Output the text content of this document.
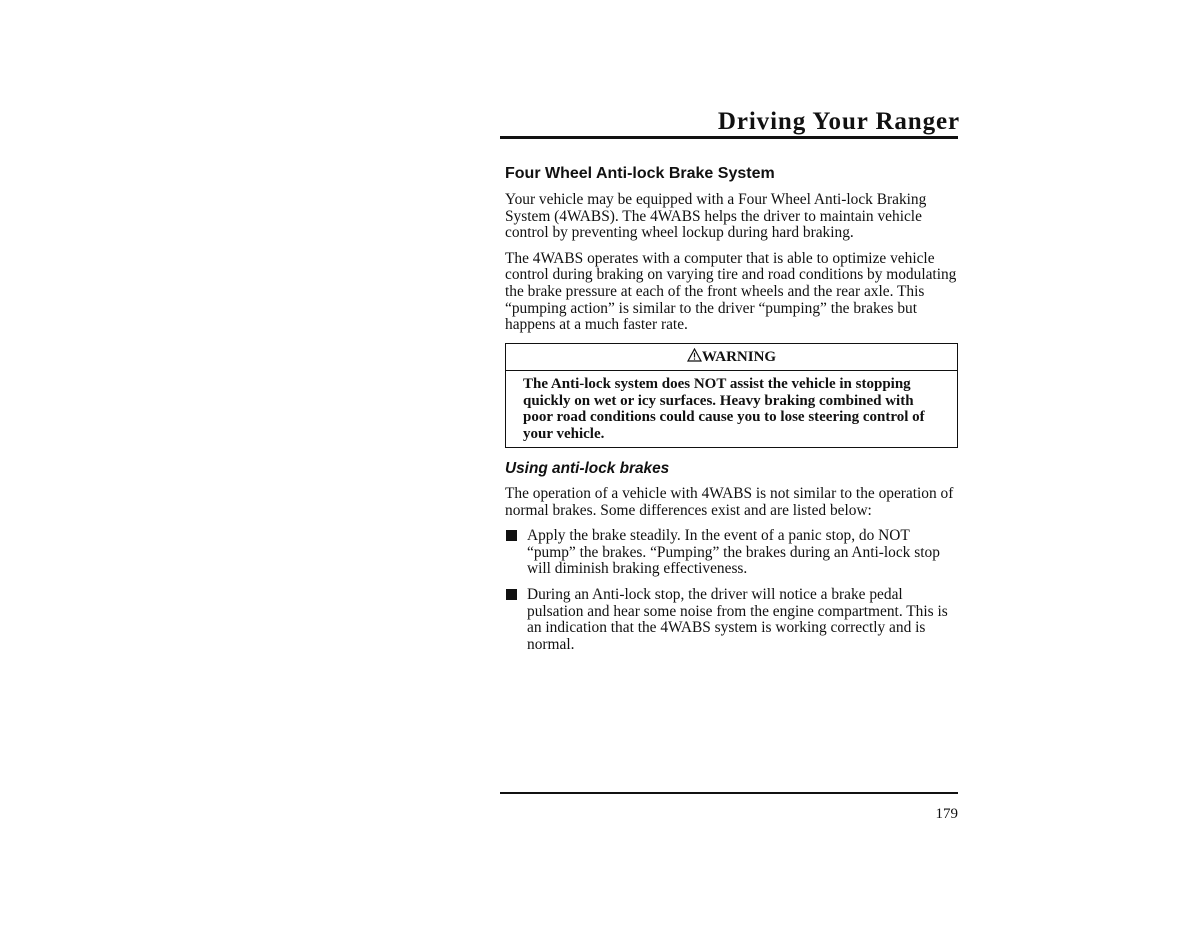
Driving Your Ranger
Four Wheel Anti-lock Brake System

Your vehicle may be equipped with a Four Wheel Anti-lock Braking System (4WABS). The 4WABS helps the driver to maintain vehicle control by preventing wheel lockup during hard braking.

The 4WABS operates with a computer that is able to optimize vehicle control during braking on varying tire and road conditions by modulating the brake pressure at each of the front wheels and the rear axle. This “pumping action” is similar to the driver “pumping” the brakes but happens at a much faster rate.

WARNING
The Anti-lock system does NOT assist the vehicle in stopping quickly on wet or icy surfaces. Heavy braking combined with poor road conditions could cause you to lose steering control of your vehicle.
Using anti-lock brakes

The operation of a vehicle with 4WABS is not similar to the operation of normal brakes. Some differences exist and are listed below:

Apply the brake steadily. In the event of a panic stop, do NOT “pump” the brakes. “Pumping” the brakes during an Anti-lock stop will diminish braking effectiveness.
During an Anti-lock stop, the driver will notice a brake pedal pulsation and hear some noise from the engine compartment. This is an indication that the 4WABS system is working correctly and is normal.
179
